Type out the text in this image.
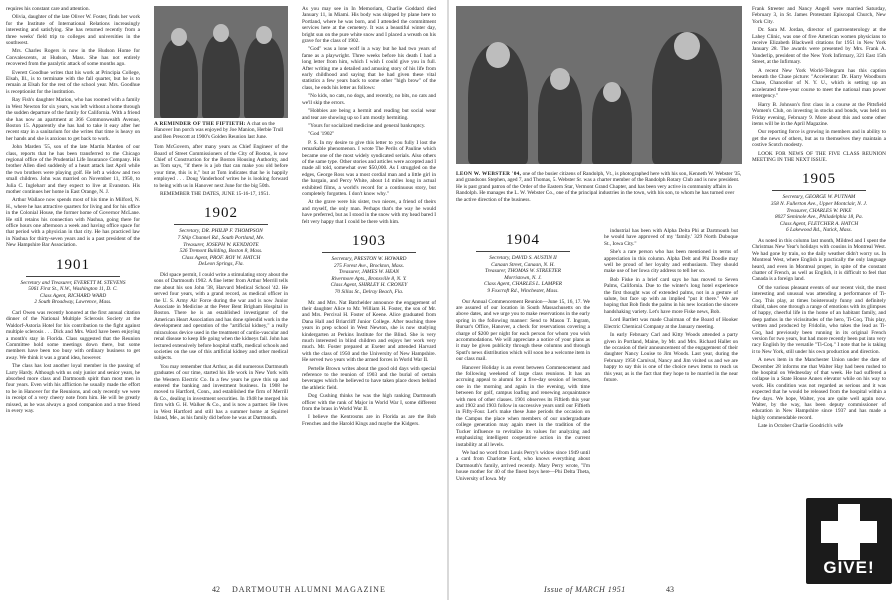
requires his constant care and attention.

Olivia, daughter of the late Oliver W. Foster, finds her work for the Institute of International Relations increasingly interesting and satisfying. She has returned recently from a three weeks' field trip to colleges and universities in the southwest.

Mrs. Charles Rogers is now in the Hudson Home for Convalescents, at Hudson, Mass. She has not entirely recovered from the paralytic attack of some months ago.

Everett Goodhue writes that his work at Principia College, Elsah, Ill., is to terminate with the fall quarter, but he is to remain at Elsah for the rest of the school year. Mrs. Goodhue is receptionist for the institution.

Ray Fish's daughter Marion, who has roomed with a family in West Newton for six years, was left without a home through the sudden departure of the family for California. With a friend she has now an apartment at 366 Commonwealth Avenue, Boston 15. Apparently she has had to take it easy after her recent stay in a sanitarium for she writes that time is heavy on her hands and she is anxious to get back to work.

John Marden '55, son of the late Martin Marden of our class, reports that he has been transferred to the Chicago regional office of the Prudential Life Insurance Company. His brother Allen died suddenly of a heart attack last April while the two brothers were playing golf. He left a widow and two small children. John was married on November 11, 1950, to Julia C. Ingleharr and they expect to live at Evanston. His mother continues her home in East Orange, N. J.

Arthur Wallace now spends most of his time in Milford, N. H., where he has attractive quarters for living and for his office in the Colonial House, the former home of Governor McLane. He still retains his connection with Nashua, going there for office hours one afternoon a week and having office space for that period with a physician in that city. He has practiced law in Nashua for thirty-seven years and is a past president of the New Hampshire Bar Association.

1901
Secretary and Treasurer, EVERETT M. STEVENS
5061 First St., N.W., Washington 11, D. C.
Class Agent, RICHARD WARD
2 South Broadway, Lawrence, Mass.

Carl Owen was recently honored at the first annual citation dinner of the National Multiple Sclerosis Society at the Waldorf-Astoria Hotel for his contribution to the fight against multiple sclerosis . . . Dick and Mrs. Ward have been enjoying a month's stay in Florida. Class suggested that the Reunion Committee hold some meetings down there, but some members have been too busy with ordinary business to get away. We think it was a grand idea, however.

The class has lost another loyal member in the passing of Larry Hardy. Although with us only junior and senior years, he absorbed more class and Dartmouth spirit than most men in four years. Even with his affliction he usually made the effort to be in Hanover for the Reunions, and only recently we were in receipt of a very cheery note from him. He will be greatly missed, as he was always a good companion and a true friend in every way.

A REMINDER OF THE FIFTIETH: A chat on the Hanover Inn porch was enjoyed by Joe Manion, Herbie Trull and Ben Prescott at 1900's Golden Reunion last June.

Tom McGovern, after many years as Chief Engineer of the Board of Street Commissioners of the City of Boston, is now Chief of Construction for the Boston Housing Authority, and as Tom says, "if there is a job that can make you old before your time, this is it," but at Tom indicates that he is happily employed . . . Doug Vanderhoof writes he is looking forward to being with us in Hanover next June for the big 50th.

REMEMBER THE DATES, JUNE 15-16-17, 1951.

1902
Secretary, DR. PHILIP F. THOMPSON
7 Ship Channel Rd., South Portland, Me.
Treasurer, JOSEPH W. KENDIOTE
526 Tremont Building, Boston 8, Mass.
Class Agent, PROF. ROY W. HATCH
DeLeon Springs, Fla.

Did space permit, I could write a stimulating story about the sons of Dartmouth 1902. A fine letter from Arthur Merrill tells me about his son John '38, Harvard Medical School '42. He served four years, with a grand record, as medical officer in the U. S. Army Air Force during the war and is now Junior Associate in Medicine at the Peter Bent Brigham Hospital in Boston. There he is an established investigator of the American Heart Association and has done splendid work in the development and operation of the "artificial kidney," a really miraculous device used in the treatment of cardio-vascular and renal disease to keep life going when the kidneys fail. John has lectured extensively before hospital staffs, medical schools and societies on the use of this artificial kidney and other medical subjects.

You may remember that Arthur, as did numerous Dartmouth graduates of our time, started his life work in New York with the Western Electric Co. In a few years he gave this up and entered the banking and investment business. In 1908 he moved to Hartford, Conn., and established the firm of Merrill & Co., dealing in investment securities. In 1948 he merged his firm with G. H. Walker & Co., and is now a partner. He lives in West Hartford and still has a summer home at Squirrel Island, Me., as his family did before he was at Dartmouth.

As you may see in In Memoriam, Charlie Goddard died January 11, in Miami. His body was shipped by plane here to Portland, where he was born, and I attended the commitment services here at the cemetery. It was a beautiful winter day, bright sun on the pure white snow and I placed a wreath on his grave for the class of 1902.

"God" was a lone wolf in a way but he had two years of fame as a playwright. Three weeks before his death I had a long letter from him, which I wish I could give you in full. After writing me a detailed and amusing story of his life from early childhood and saying that he had given these vital statistics a few years back to some other "high brow" of the class, he ends his letter as follows:

"No kids, no cats, no dogs, and recently, no bits, no cats and we'll skip the errors.

"Hobbies are being a hermit and reading but social wear and tear are showing up so I am mostly hermiting.

"Yours for socialized medicine and general bankruptcy.

"God '1902"

P. S. In my desire to give this letter to you fully I lost the remarkable phenomenon. I wrote The Perils of Pauline which became one of the most widely syndicated serials. Also others of the same type. Other stories and articles were accepted and I made all told, somewhat over $50,000. As I struggled on the edges, George Ross was a most cordial man and a little girl in the bargain, and Percy White, about 14 miles long in actual exhibited films, a world's record for a continuous story, but completely forgotten. I don't know why."

At the grave were his sister, two nieces, a friend of theirs and myself, the only man. Perhaps that's the way he would have preferred, but as I stood in the snow with my head bared I felt very happy that I could be there with him.

1903
Secretary, PRESTON W. HOWARD
275 Forest Ave., Brockton, Mass.
Treasurer, JAMES W. HEAN
Rivermore Apts., Bronxville 8, N. Y.
Class Agent, SHIRLEY H. CRONEY
70 Sillas St., Delray Beach, Fla.

Mr. and Mrs. Nat Batchelder announce the engagement of their daughter Alice to Mr. William H. Foster, the son of Mr. and Mrs. Percival H. Foster of Keene. Alice graduated from Dana Hall and Briarcliff Junior College. After teaching three years in prep school in West Newton, she is now studying kindergarten at Perkins Institute for the Blind. She is very much interested in blind children and enjoys her work very much. Mr. Foster prepared at Exeter and attended Harvard with the class of 1950 and the University of New Hampshire. He served two years with the armed forces in World War II.

Pertelle Brown writes about the good old days with special reference to the reunion of 1903 and the burial of certain beverages which he believed to have taken place down behind the athletic field.

Dog Cushing thinks he was the high ranking Dartmouth officer with the rank of Major in World War I, some different from the brass in World War II.

I believe the Kentrosms are in Florida as are the Bob Frenches and the Harold Kings and maybe the Kidgers.

42 DARTMOUTH ALUMNI MAGAZINE
LEON W. WEBSTER '04, one of the busier citizens of Randolph, Vt., is photographed here with his son, Kenneth W. Webster '35, and grandsons Stephen, aged 7, and Thomas, 5. Webster Sr. was a charter member of the Randolph Rotary Club and is now president. He is past grand patron of the Order of the Eastern Star, Vermont Grand Chapter, and has been very active in community affairs in Randolph. He manages the L. W. Webster Co., one of the principal industries in the town, with his son, to whom he has turned over the active direction of the business.
1904
Secretary, DAVID S. AUSTIN II
Canaan Street, Canaan, N. H.
Treasurer, THOMAS W. STREETER
Morristown, N. J.
Class Agent, CHARLES L. LAMPER
9 Foxcroft Rd., Winchester, Mass.

Our Annual Commencement Reunion—June 15, 16, 17. We are assured of our location in South Massachusetts on the above dates, and we urge you to make reservations in the early spring in the following manner: Send to Mason T. Ingram, Bursar's Office, Hanover, a check for reservations covering a charge of $200 per night for each person for whom you wish accommodations. We will appreciate a notice of your plans as it may be given publicity through these columns and through Sputl's news distribution which will soon be a welcome item in our class mail.

Hanover Holiday is an event between Commencement and the following weekend of large class reunions. It has an accruing appeal to alumni for a five-day session of lectures, one in the morning and again in the evening, with time between for golf, campus loafing and renewing acquaintance with men of other classes. 1901 observes its Fiftieth this year and 1902 and 1903 follow in successive years until our Fiftieth in Fifty-Four. Let's make these June periods the occasion on the Campus the place when members of our undergraduate college generation may again meet in the tradition of the Tucker influence to revitalize its values for analyzing and emphasizing intelligent cooperative action in the current instability at all levels.

We had no word from Louis Perry's widow since 1949 until a card from Charlotte Ford, who knows everything about Dartmouth's family, arrived recently. Mary Perry wrote, "I'm house mother for 40 of the finest boys here—Phi Delta Theta, University of Iowa. My

industrial has been with Alpha Delta Phi at Dartmouth but he would have approved of my 'family.' 329 North Dubuque St., Iowa City."

She's a rare person who has been mentioned in terms of appreciation in this column. Alpha Delt and Phi Doodle may well be proud of her loyalty and enthusiasm. They should make use of her Iowa city address to tell her so.

Bob Fiske in a brief card says he has moved to Seven Palms, California. Due to the winter's long hotel experience the first thought was of extended palms, not in a gesture of salute, but face up with an implied "put it there." We are hoping that Bob finds the palms in his new location the sincere handshaking variety. Let's have more Fiske news, Bob.

Lord Bartlett was made Chairman of the Board of Hooker Electric Chemical Company at the January meeting.

In early February Carl and Kitty Woods attended a party given in Portland, Maine, by Mr. and Mrs. Richard Hallet on the occasion of their announcement of the engagement of their daughter Nancy Louise to Jim Woods. Last year, during the February 1950 Carnival, Nancy and Jim visited us and we are happy to say this is one of the choice news items to reach us this year, as is the fact that they hope to be married in the near future.

Frank Streeter and Nancy Angell were married Saturday, February 3, in St. James Protestant Episcopal Church, New York City.

Dr. Sara M. Jordan, director of gastroenterology at the Lahey Clinic, was one of five American women physicians to receive Elizabeth Blackwell citations for 1951 in New York January 28. The awards were presented by Mrs. Frank A. Vanderlip, president of the New York Infirmary, 321 East 15th Street, at the Infirmary.

A recent New York World-Telegram has this caption beneath the Chase picture: "Accelerator: Dr. Harry Woodburn Chase, Chancellor of N. Y. U., which is setting up an accelerated three-year course to meet the national man power emergency."

Harry B. Johnson's first class in a course at the Pittsfield Women's Club, on investing in stocks and bonds, was held on Friday evening, February 9. More about this and some other items will be in the April Magazine.

Our reporting force is growing in members and in ability to get the news of others, but as to themselves they maintain a costive Scotch modesty.

LOOK FOR NEWS OF THE FIVE CLASS REUNION MEETING IN THE NEXT ISSUE.

1905
Secretary, GEORGE W. PUTNAM
358 N. Fullerton Ave., Upper Montclair, N. J.
Treasurer, CHARLES W. PIKE
8027 Seminole Ave., Philadelphia 18, Pa.
Class Agent, FLETCHER A. HATCH
6 Lakewood Rd., Natick, Mass.

As noted in this column last month, Mildred and I spent the Christmas New Year's holidays with cousins in Montreal West. We had gone by train, so the daily weather didn't worry us. In Montreal West, where English is practically the only language heard, and even in Montreal proper, in spite of the constant chatter of French, as well as English, it is difficult to feel that Canada is a foreign land.

Of the various pleasant events of our recent visit, the most interesting and unusual was attending a performance of Ti-Coq. This play, at times boisterously funny and definitely ribald, takes one through a range of emotions with its glimpses of happy, cheerful life in the home of an habitant family, and deep pathos in the vicissitudes of the hero, Ti-Coq. This play, written and produced by Fridolin, who takes the lead as Ti-Coq, had previously been running in its original French version for two years, but had more recently been put into very racy English by the versatile "Ti-Coq." I note that he is taking it to New York, still under his own production and direction.

A news item in the Manchester Union under the date of December 28 informs me that Walter Hay had been rushed to the hospital on Wednesday of that week. He had suffered a collapse in a State House Annex elevator while on his way to work. His condition was not regarded as serious and it was expected that he would be released from the hospital within a few days. We hope, Walter, you are quite well again now. Walter, by the way, has been deputy commissioner of education in New Hampshire since 1937 and has made a highly commendable record.

Late in October Charlie Goodrich's wife

GIVE!
Issue of MARCH 1951	43
